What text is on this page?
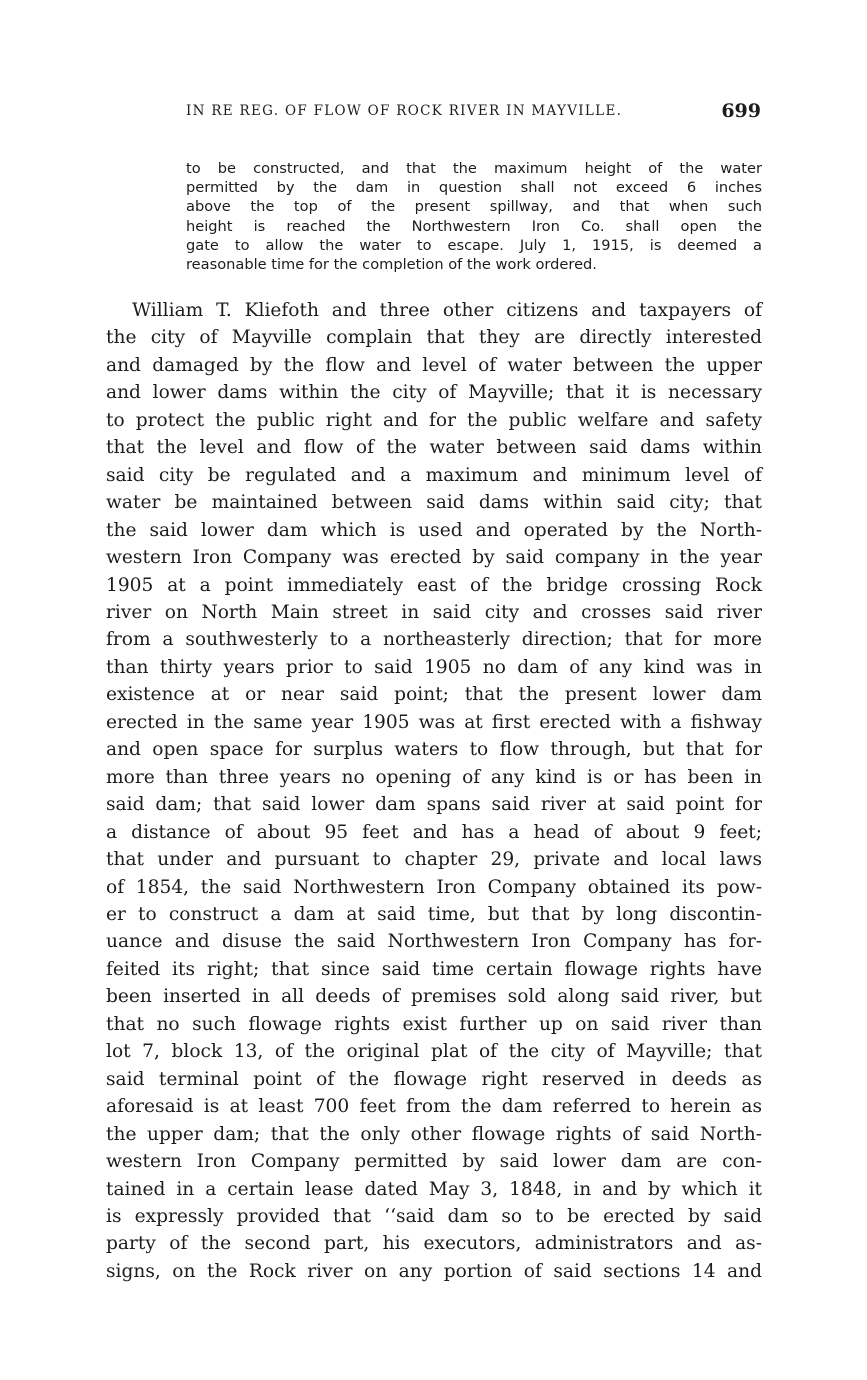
IN RE REG. OF FLOW OF ROCK RIVER IN MAYVILLE.	699
to be constructed, and that the maximum height of the water
permitted by the dam in question shall not exceed 6 inches
above the top of the present spillway, and that when such
height is reached the Northwestern Iron Co. shall open the
gate to allow the water to escape. July 1, 1915, is deemed a
reasonable time for the completion of the work ordered.
William T. Kliefoth and three other citizens and taxpayers of
the city of Mayville complain that they are directly interested
and damaged by the flow and level of water between the upper
and lower dams within the city of Mayville; that it is necessary
to protect the public right and for the public welfare and safety
that the level and flow of the water between said dams within
said city be regulated and a maximum and minimum level of
water be maintained between said dams within said city; that
the said lower dam which is used and operated by the North-
western Iron Company was erected by said company in the year
1905 at a point immediately east of the bridge crossing Rock
river on North Main street in said city and crosses said river
from a southwesterly to a northeasterly direction; that for more
than thirty years prior to said 1905 no dam of any kind was in
existence at or near said point; that the present lower dam
erected in the same year 1905 was at first erected with a fishway
and open space for surplus waters to flow through, but that for
more than three years no opening of any kind is or has been in
said dam; that said lower dam spans said river at said point for
a distance of about 95 feet and has a head of about 9 feet;
that under and pursuant to chapter 29, private and local laws
of 1854, the said Northwestern Iron Company obtained its pow-
er to construct a dam at said time, but that by long discontin-
uance and disuse the said Northwestern Iron Company has for-
feited its right; that since said time certain flowage rights have
been inserted in all deeds of premises sold along said river, but
that no such flowage rights exist further up on said river than
lot 7, block 13, of the original plat of the city of Mayville; that
said terminal point of the flowage right reserved in deeds as
aforesaid is at least 700 feet from the dam referred to herein as
the upper dam; that the only other flowage rights of said North-
western Iron Company permitted by said lower dam are con-
tained in a certain lease dated May 3, 1848, in and by which it
is expressly provided that ‘‘said dam so to be erected by said
party of the second part, his executors, administrators and as-
signs, on the Rock river on any portion of said sections 14 and
